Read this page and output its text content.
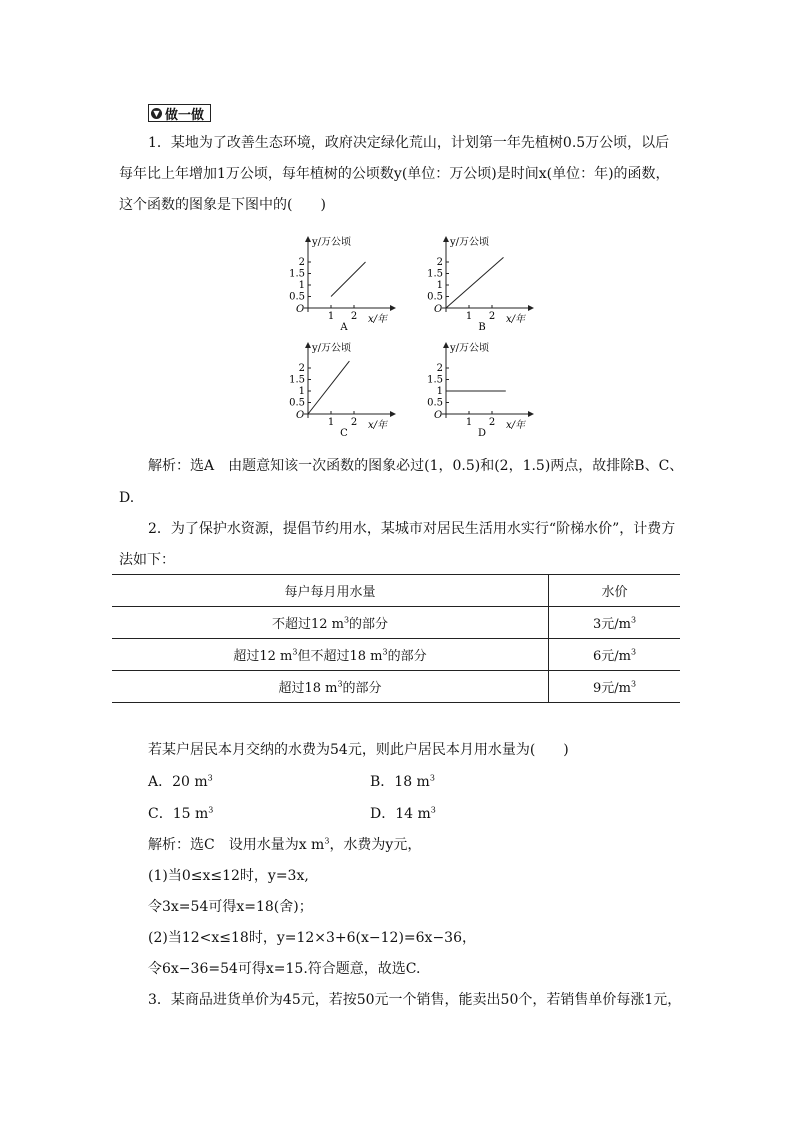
▼ 做一做
1．某地为了改善生态环境，政府决定绿化荒山，计划第一年先植树0.5万公顷，以后
每年比上年增加1万公顷，每年植树的公顷数y(单位：万公顷)是时间x(单位：年)的函数，
这个函数的图象是下图中的(　　)
y/万公顷
x/年
O
0.5
1
1.5
2
1 2
A
y/万公顷
x/年
O
0.5
1
1.5
2
1 2
B
y/万公顷
x/年
O
0.5
1
1.5
2
1 2
C
y/万公顷
x/年
O
0.5
1
1.5
2
1 2
D
解析：选A　由题意知该一次函数的图象必过(1，0.5)和(2，1.5)两点，故排除B、C、
D.
2．为了保护水资源，提倡节约用水，某城市对居民生活用水实行“阶梯水价”，计费方
法如下：
每户每月用水量	水价
不超过12 $m^3$的部分	3元$/m^3$
超过12 $m^3$但不超过18 $m^3$的部分	6元$/m^3$
超过18 $m^3$的部分	9元$/m^3$
若某户居民本月交纳的水费为54元，则此户居民本月用水量为(　　)
A．20 $m^3$	B．18 $m^3$
C．15 $m^3$	D．14 $m^3$
解析：选C　设用水量为x $m^3$，水费为y元，
(1)当0≤x≤12时，y=3x,
令3x=54可得x=18(舍)；
(2)当12<x≤18时，y=12×3+6(x−12)=6x−36，
令6x−36=54可得x=15.符合题意，故选C.
3．某商品进货单价为45元，若按50元一个销售，能卖出50个，若销售单价每涨1元，
